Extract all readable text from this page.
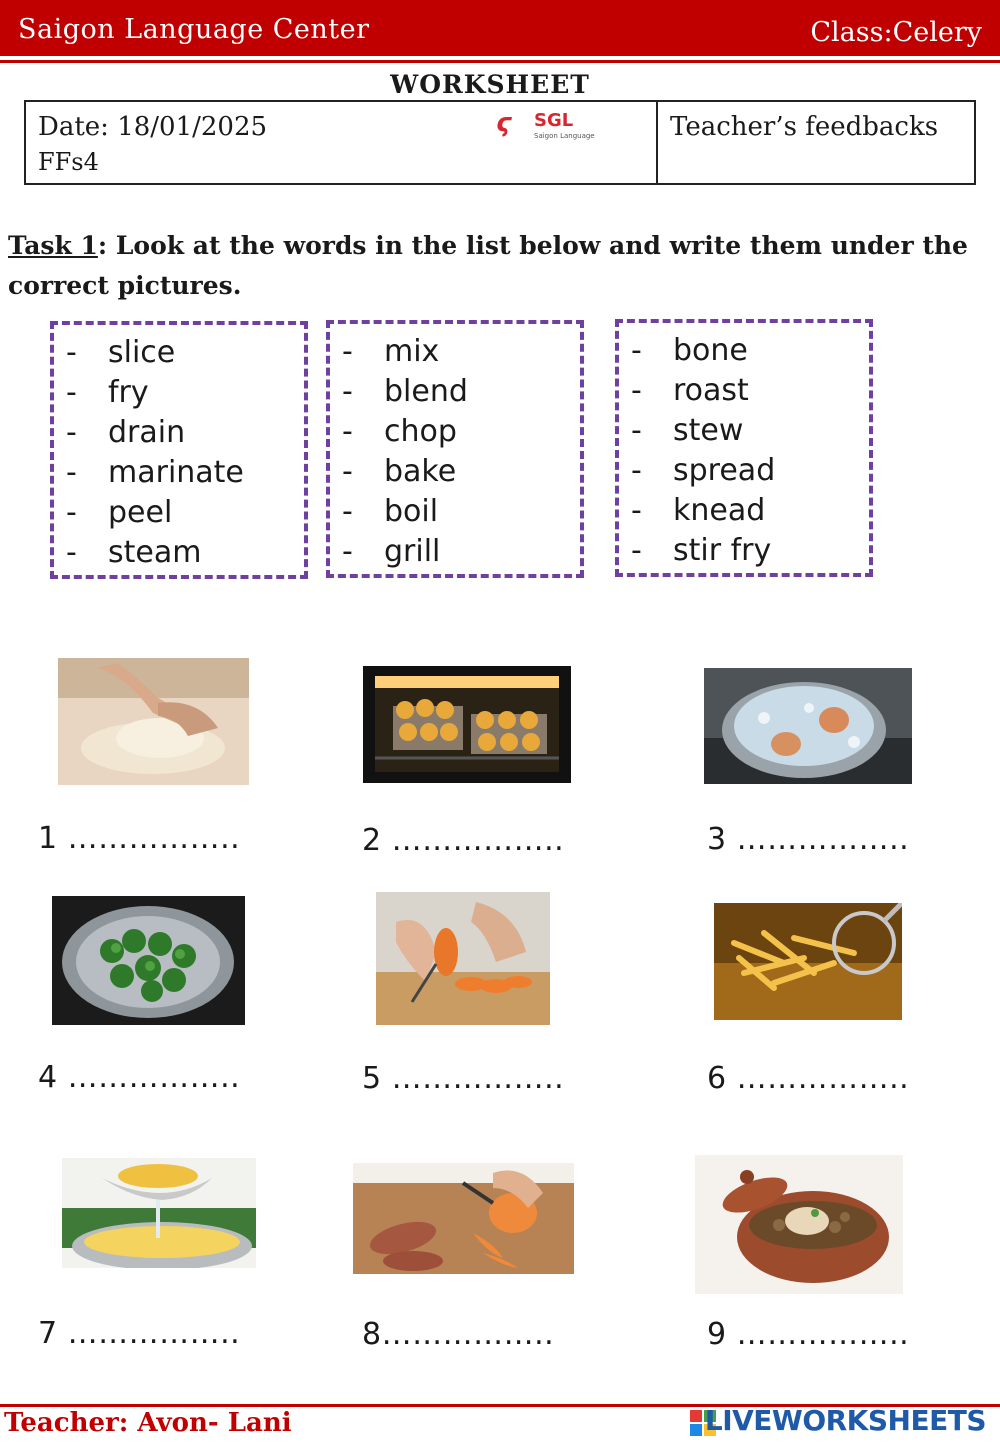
Saigon Language Center	Class:Celery
WORKSHEET
Date: 18/01/2025
FFs4
ϛ SGL
Saigon Language	Teacher’s feedbacks
Task 1: Look at the words in the list below and write them under the correct pictures.
- slice
- fry
- drain
- marinate
- peel
- steam
- mix
- blend
- chop
- bake
- boil
- grill
- bone
- roast
- stew
- spread
- knead
- stir fry
1 ……………..	2 ……………..	3 ……………..
4 ……………..	5 ……………..	6 ……………..
7 ……………..	8……………..	9 ……………..
Teacher: Avon- Lani	LIVEWORKSHEETS
